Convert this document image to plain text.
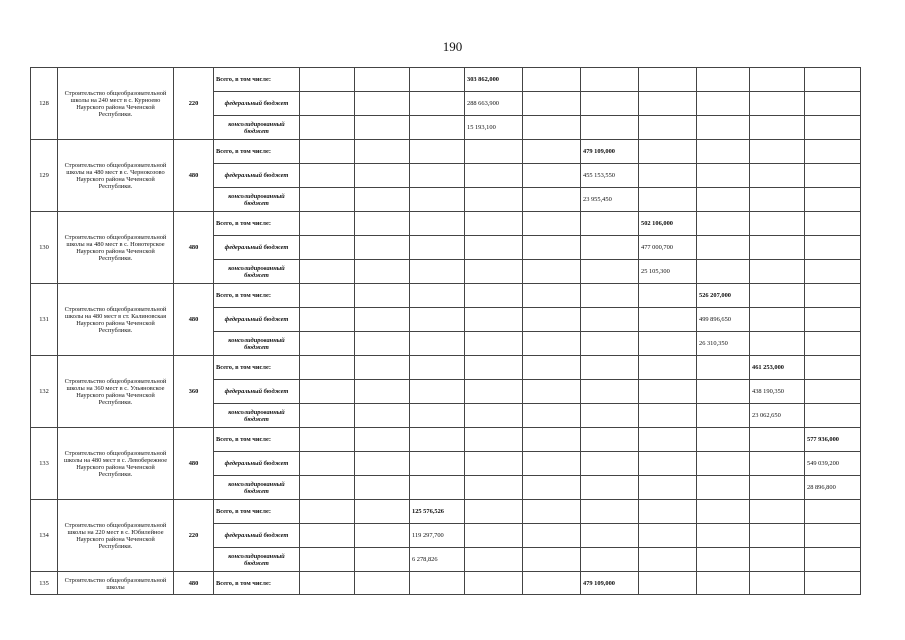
190
128	Строительство общеобразовательной школы на 240 мест в с. Курноево Наурского района Чеченской Республики.	220	Всего, в том числе:				303 862,000						
			федеральный бюджет				288 663,900						
			консолидированный бюджет				15 193,100						
129	Строительство общеобразовательной школы на 480 мест в с. Чернокозово Наурского района Чеченской Республики.	480	Всего, в том числе:						479 109,000				
			федеральный бюджет						455 153,550				
			консолидированный бюджет						23 955,450				
130	Строительство общеобразовательной школы на 480 мест в с. Новотерское Наурского района Чеченской Республики.	480	Всего, в том числе:							502 106,000			
			федеральный бюджет							477 000,700			
			консолидированный бюджет							25 105,300			
131	Строительство общеобразовательной школы на 480 мест в ст. Калиновская Наурского района Чеченской Республики.	480	Всего, в том числе:								526 207,000		
			федеральный бюджет								499 896,650		
			консолидированный бюджет								26 310,350		
132	Строительство общеобразовательной школы на 360 мест в с. Ульяновское Наурского района Чеченской Республики.	360	Всего, в том числе:									461 253,000	
			федеральный бюджет									438 190,350	
			консолидированный бюджет									23 062,650	
133	Строительство общеобразовательной школы на 480 мест в с. Левобережное Наурского района Чеченской Республики.	480	Всего, в том числе:										577 936,000
			федеральный бюджет										549 039,200
			консолидированный бюджет										28 896,800
134	Строительство общеобразовательной школы на 220 мест в с. Юбилейное Наурского района Чеченской Республики.	220	Всего, в том числе:			125 576,526							
			федеральный бюджет			119 297,700							
			консолидированный бюджет			6 278,826							
135	Строительство общеобразовательной школы	480	Всего, в том числе:						479 109,000				
